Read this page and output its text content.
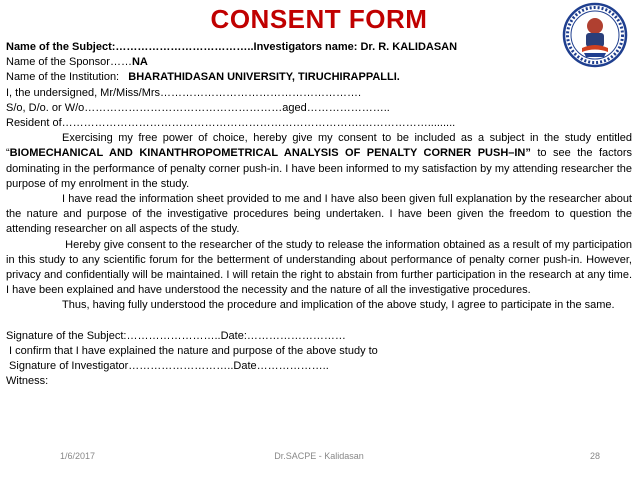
CONSENT FORM

Name of the Subject:………………………………..Investigators name: Dr. R. KALIDASAN

Name of the Sponsor……NA

Name of the Institution:   BHARATHIDASAN UNIVERSITY, TIRUCHIRAPPALLI.

I, the undersigned, Mr/Miss/Mrs……………………………………………….

S/o, D/o. or W/o………………………………………………aged…………………..

Resident of……………………………………………………………………….……………….........

Exercising my free power of choice, hereby give my consent to be included as a subject in the study entitled “BIOMECHANICAL AND KINANTHROPOMETRICAL ANALYSIS OF PENALTY CORNER PUSH–IN” to see the factors dominating in the performance of penalty corner push-in. I have been informed to my satisfaction by my attending researcher the purpose of my enrolment in the study.

I have read the information sheet provided to me and I have also been given full explanation by the researcher about the nature and purpose of the investigative procedures being undertaken. I have been given the freedom to question the attending researcher on all aspects of the study.

Hereby give consent to the researcher of the study to release the information obtained as a result of my participation in this study to any scientific forum for the betterment of understanding about performance of penalty corner push-in. However, privacy and confidentially will be maintained. I will retain the right to abstain from further participation in the research at any time. I have been explained and have understood the necessity and the nature of all the investigative procedures.

Thus, having fully understood the procedure and implication of the above study, I agree to participate in the same.

Signature of the Subject:……………………..Date:………………………

I confirm that I have explained the nature and purpose of the above study to

Signature of Investigator………………………..Date………………..

Witness:

1/6/2017	Dr.SACPE - Kalidasan	28
